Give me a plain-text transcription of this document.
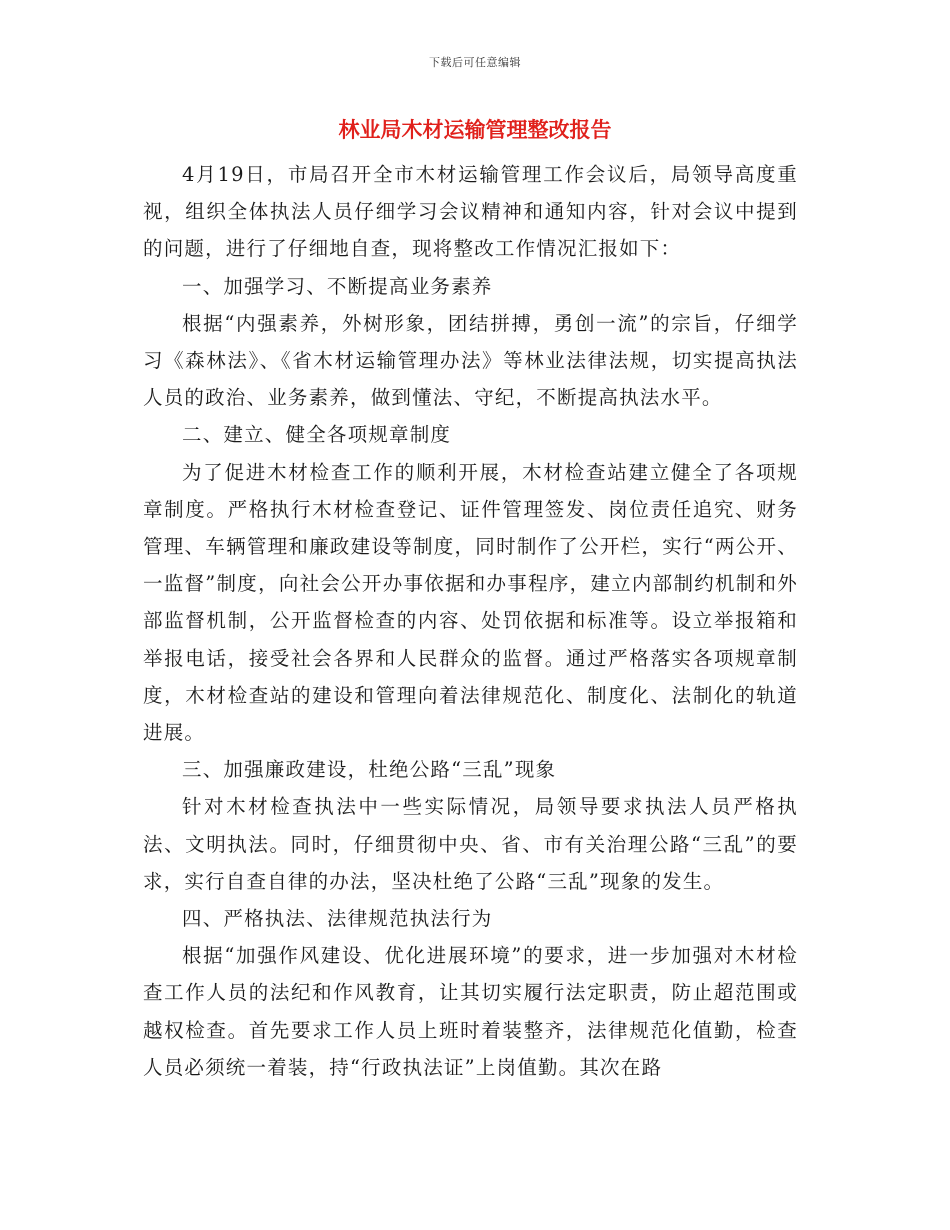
下载后可任意编辑
林业局木材运输管理整改报告

4月19日，市局召开全市木材运输管理工作会议后，局领导高度重视，组织全体执法人员仔细学习会议精神和通知内容，针对会议中提到的问题，进行了仔细地自查，现将整改工作情况汇报如下：

一、加强学习、不断提高业务素养

根据“内强素养，外树形象，团结拼搏，勇创一流”的宗旨，仔细学习《森林法》、《省木材运输管理办法》等林业法律法规，切实提高执法人员的政治、业务素养，做到懂法、守纪，不断提高执法水平。

二、建立、健全各项规章制度

为了促进木材检查工作的顺利开展，木材检查站建立健全了各项规章制度。严格执行木材检查登记、证件管理签发、岗位责任追究、财务管理、车辆管理和廉政建设等制度，同时制作了公开栏，实行“两公开、一监督”制度，向社会公开办事依据和办事程序，建立内部制约机制和外部监督机制，公开监督检查的内容、处罚依据和标准等。设立举报箱和举报电话，接受社会各界和人民群众的监督。通过严格落实各项规章制度，木材检查站的建设和管理向着法律规范化、制度化、法制化的轨道进展。

三、加强廉政建设，杜绝公路“三乱”现象

针对木材检查执法中一些实际情况，局领导要求执法人员严格执法、文明执法。同时，仔细贯彻中央、省、市有关治理公路“三乱”的要求，实行自查自律的办法，坚决杜绝了公路“三乱”现象的发生。

四、严格执法、法律规范执法行为

根据“加强作风建设、优化进展环境”的要求，进一步加强对木材检查工作人员的法纪和作风教育，让其切实履行法定职责，防止超范围或越权检查。首先要求工作人员上班时着装整齐，法律规范化值勤，检查人员必须统一着装，持“行政执法证”上岗值勤。其次在路
